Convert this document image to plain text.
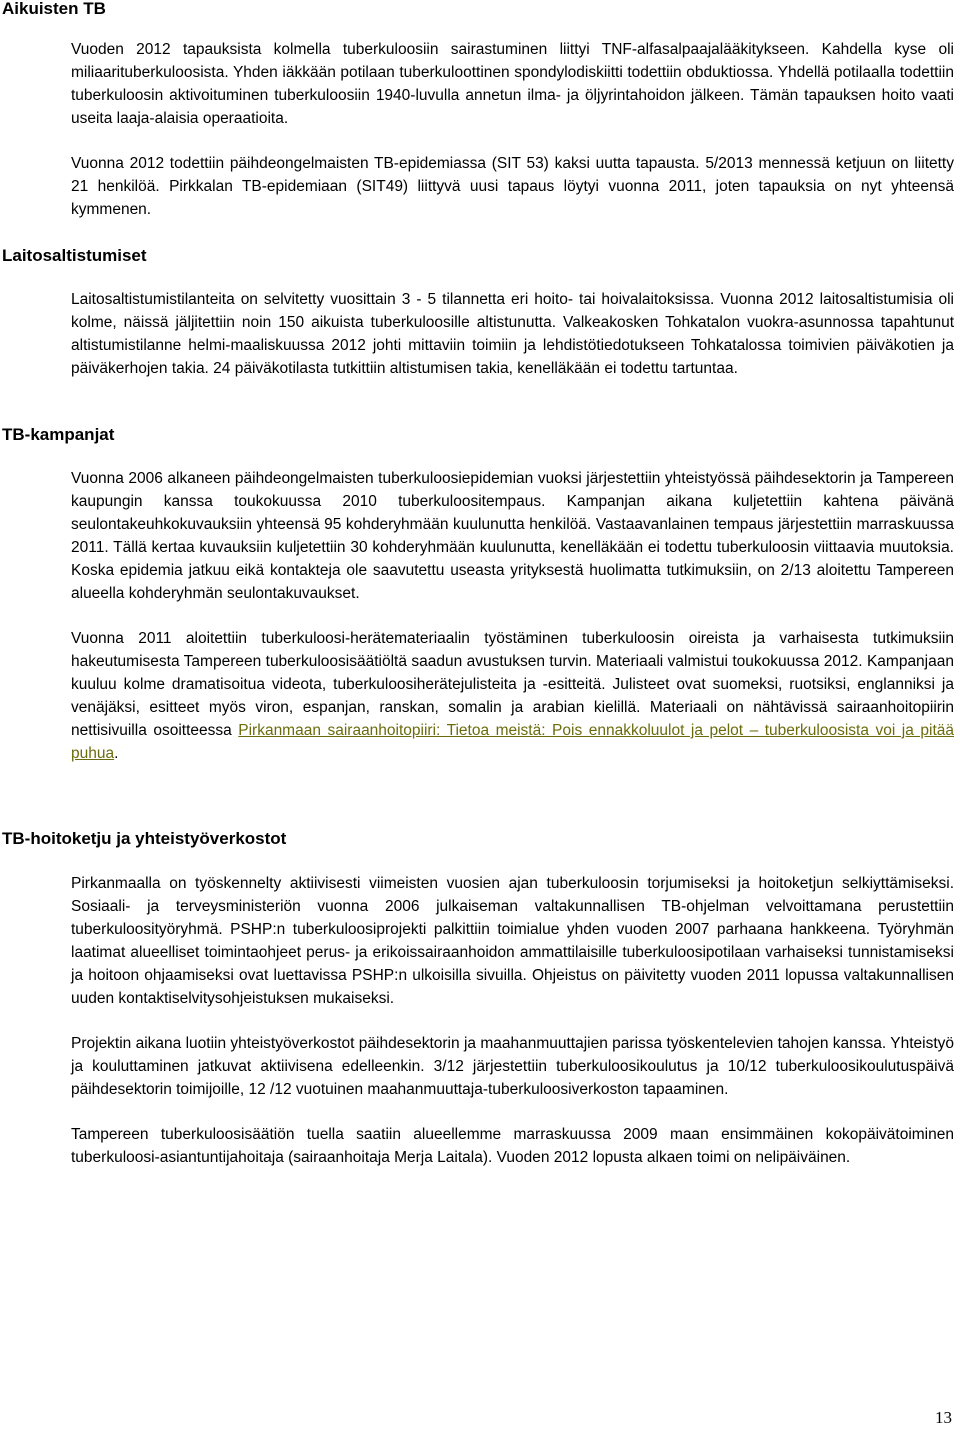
Aikuisten TB

Vuoden 2012 tapauksista kolmella tuberkuloosiin sairastuminen liittyi TNF-alfasalpaajalääkitykseen. Kahdella kyse oli miliaarituberkuloosista. Yhden iäkkään potilaan tuberkuloottinen spondylodiskiitti todettiin obduktiossa. Yhdellä potilaalla todettiin tuberkuloosin aktivoituminen tuberkuloosiin 1940-luvulla annetun ilma- ja öljyrintahoidon jälkeen. Tämän tapauksen hoito vaati useita laaja-alaisia operaatioita.

Vuonna 2012 todettiin päihdeongelmaisten TB-epidemiassa (SIT 53) kaksi uutta tapausta. 5/2013 mennessä ketjuun on liitetty 21 henkilöä. Pirkkalan TB-epidemiaan (SIT49) liittyvä uusi tapaus löytyi vuonna 2011, joten tapauksia on nyt yhteensä kymmenen.

Laitosaltistumiset

Laitosaltistumistilanteita on selvitetty vuosittain 3 - 5 tilannetta eri hoito- tai hoivalaitoksissa. Vuonna 2012 laitosaltistumisia oli kolme, näissä jäljitettiin noin 150 aikuista tuberkuloosille altistunutta. Valkeakosken Tohkatalon vuokra-asunnossa tapahtunut altistumistilanne helmi-maaliskuussa 2012 johti mittaviin toimiin ja lehdistötiedotukseen Tohkatalossa toimivien päiväkotien ja päiväkerhojen takia. 24 päiväkotilasta tutkittiin altistumisen takia, kenelläkään ei todettu tartuntaa.

TB-kampanjat

Vuonna 2006 alkaneen päihdeongelmaisten tuberkuloosiepidemian vuoksi järjestettiin yhteistyössä päihdesektorin ja Tampereen kaupungin kanssa toukokuussa 2010 tuberkuloositempaus. Kampanjan aikana kuljetettiin kahtena päivänä seulontakeuhkokuvauksiin yhteensä 95 kohderyhmään kuulunutta henkilöä. Vastaavanlainen tempaus järjestettiin marraskuussa 2011. Tällä kertaa kuvauksiin kuljetettiin 30 kohderyhmään kuulunutta, kenelläkään ei todettu tuberkuloosin viittaavia muutoksia. Koska epidemia jatkuu eikä kontakteja ole saavutettu useasta yrityksestä huolimatta tutkimuksiin, on 2/13 aloitettu Tampereen alueella kohderyhmän seulontakuvaukset.

Vuonna 2011 aloitettiin tuberkuloosi-herätemateriaalin työstäminen tuberkuloosin oireista ja varhaisesta tutkimuksiin hakeutumisesta Tampereen tuberkuloosisäätiöltä saadun avustuksen turvin. Materiaali valmistui toukokuussa 2012. Kampanjaan kuuluu kolme dramatisoitua videota, tuberkuloosiherätejulisteita ja -esitteitä. Julisteet ovat suomeksi, ruotsiksi, englanniksi ja venäjäksi, esitteet myös viron, espanjan, ranskan, somalin ja arabian kielillä. Materiaali on nähtävissä sairaanhoitopiirin nettisivuilla osoitteessa Pirkanmaan sairaanhoitopiiri: Tietoa meistä: Pois ennakkoluulot ja pelot – tuberkuloosista voi ja pitää puhua.

TB-hoitoketju ja yhteistyöverkostot

Pirkanmaalla on työskennelty aktiivisesti viimeisten vuosien ajan tuberkuloosin torjumiseksi ja hoitoketjun selkiyttämiseksi. Sosiaali- ja terveysministeriön vuonna 2006 julkaiseman valtakunnallisen TB-ohjelman velvoittamana perustettiin tuberkuloosityöryhmä. PSHP:n tuberkuloosiprojekti palkittiin toimialue yhden vuoden 2007 parhaana hankkeena. Työryhmän laatimat alueelliset toimintaohjeet perus- ja erikoissairaanhoidon ammattilaisille tuberkuloosipotilaan varhaiseksi tunnistamiseksi ja hoitoon ohjaamiseksi ovat luettavissa PSHP:n ulkoisilla sivuilla. Ohjeistus on päivitetty vuoden 2011 lopussa valtakunnallisen uuden kontaktiselvitysohjeistuksen mukaiseksi.

Projektin aikana luotiin yhteistyöverkostot päihdesektorin ja maahanmuuttajien parissa työskentelevien tahojen kanssa. Yhteistyö ja kouluttaminen jatkuvat aktiivisena edelleenkin. 3/12 järjestettiin tuberkuloosikoulutus ja 10/12 tuberkuloosikoulutuspäivä päihdesektorin toimijoille, 12 /12 vuotuinen maahanmuuttaja-tuberkuloosiverkoston tapaaminen.

Tampereen tuberkuloosisäätiön tuella saatiin alueellemme marraskuussa 2009 maan ensimmäinen kokopäivätoiminen tuberkuloosi-asiantuntijahoitaja (sairaanhoitaja Merja Laitala). Vuoden 2012 lopusta alkaen toimi on nelipäiväinen.

13
